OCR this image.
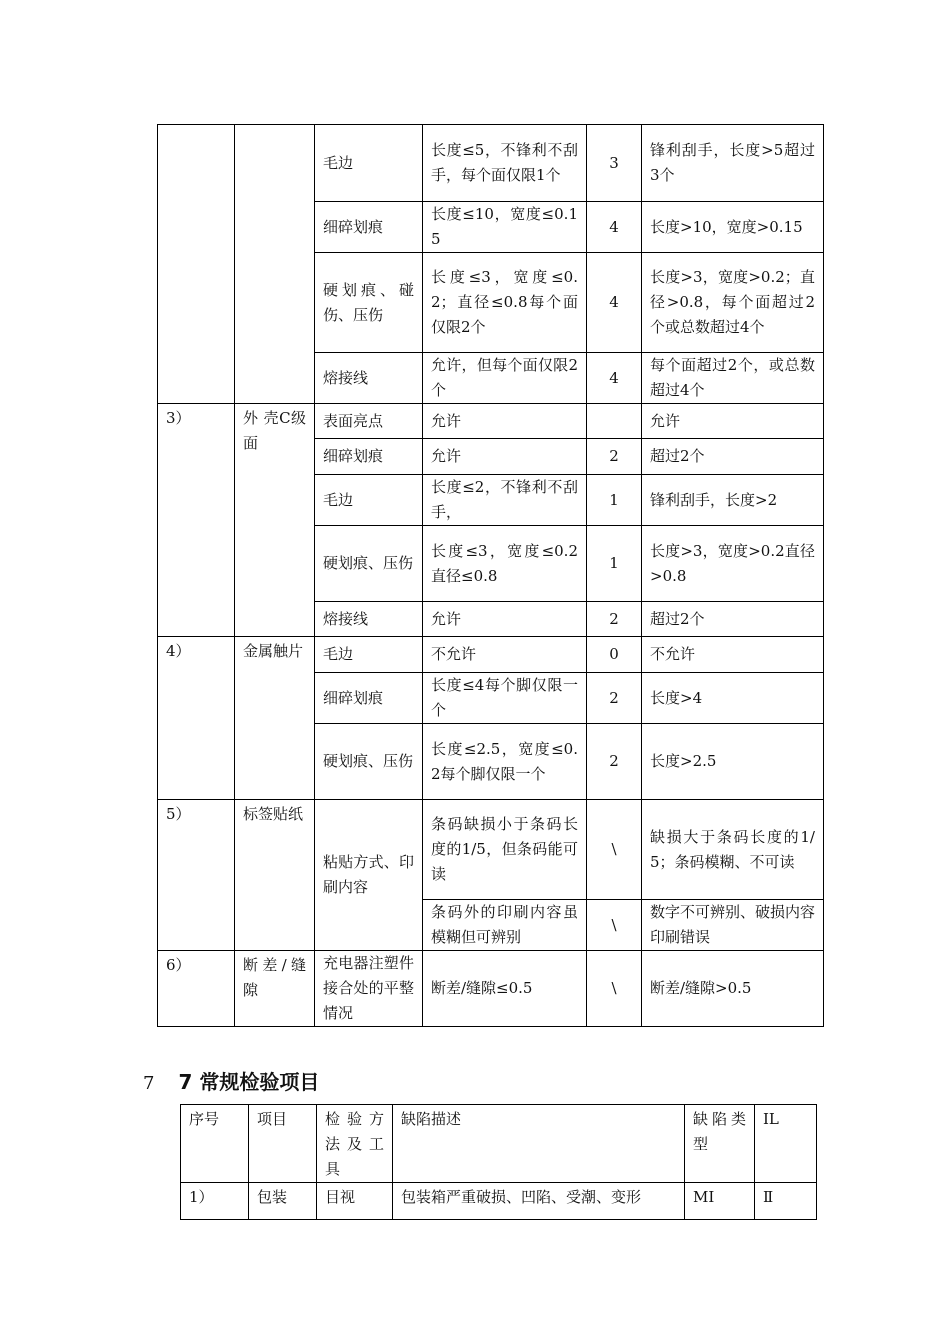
		毛边	长度≤5，不锋利不刮手，每个面仅限1个	3	锋利刮手，长度>5超过3个
		细碎划痕	长度≤10，宽度≤0.15	4	长度>10，宽度>0.15
		硬划痕、碰伤、压伤	长度≤3，宽度≤0.2；直径≤0.8每个面仅限2个	4	长度>3，宽度>0.2；直径>0.8，每个面超过2个或总数超过4个
		熔接线	允许，但每个面仅限2个	4	每个面超过2个，或总数超过4个
3）	外 壳C级面	表面亮点	允许		允许
		细碎划痕	允许	2	超过2个
		毛边	长度≤2，不锋利不刮手，	1	锋利刮手，长度>2
		硬划痕、压伤	长度≤3，宽度≤0.2直径≤0.8	1	长度>3，宽度>0.2直径>0.8
		熔接线	允许	2	超过2个
4）	金属触片	毛边	不允许	0	不允许
		细碎划痕	长度≤4每个脚仅限一个	2	长度>4
		硬划痕、压伤	长度≤2.5，宽度≤0.2每个脚仅限一个	2	长度>2.5
5）	标签贴纸	粘贴方式、印刷内容	条码缺损小于条码长度的1/5，但条码能可读	\	缺损大于条码长度的1/5；条码模糊、不可读
			条码外的印刷内容虽模糊但可辨别	\	数字不可辨别、破损内容印刷错误
6）	断差/缝隙	充电器注塑件接合处的平整情况	断差/缝隙≤0.5	\	断差/缝隙>0.5
7 7 常规检验项目
序号	项目	检验方法及工具	缺陷描述	缺陷类型	IL
1）	包装	目视	包装箱严重破损、凹陷、受潮、变形	MI	Ⅱ
